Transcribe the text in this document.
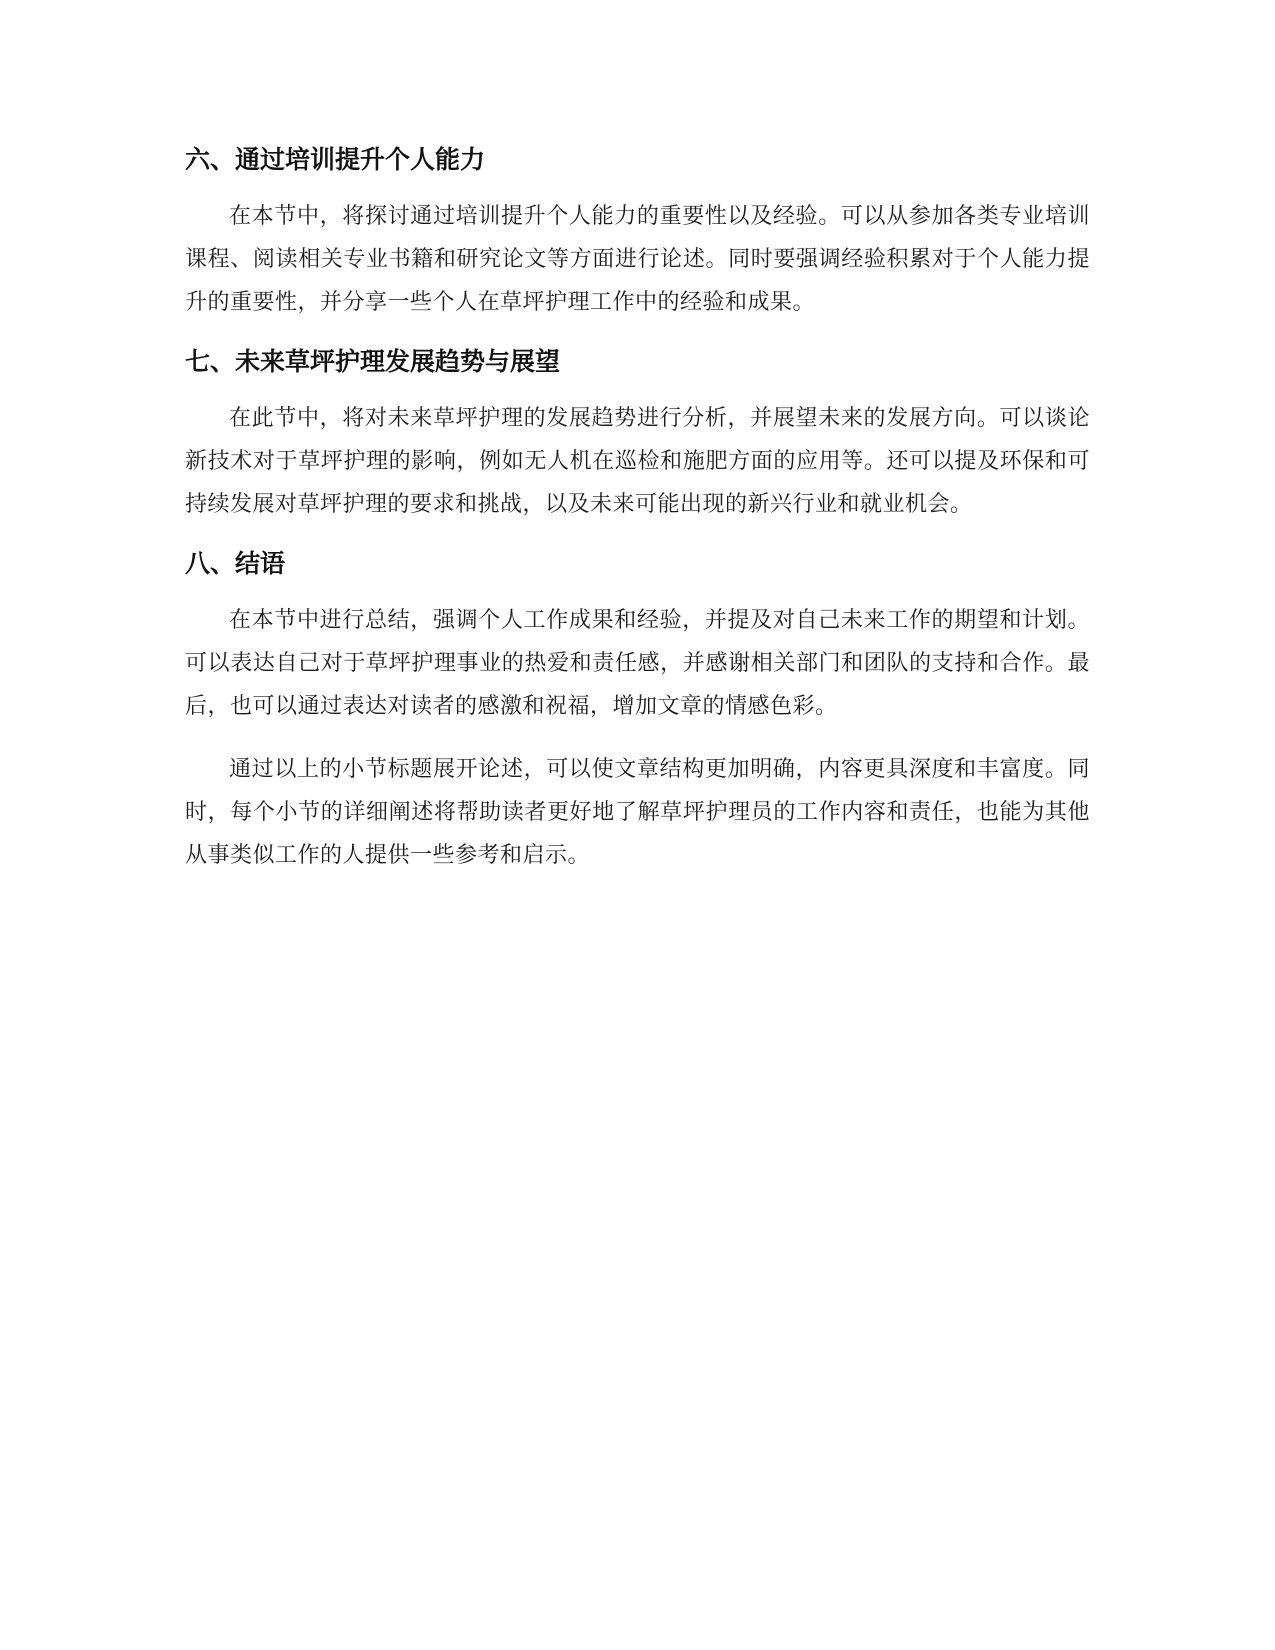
六、通过培训提升个人能力

在本节中，将探讨通过培训提升个人能力的重要性以及经验。可以从参加各类专业培训课程、阅读相关专业书籍和研究论文等方面进行论述。同时要强调经验积累对于个人能力提升的重要性，并分享一些个人在草坪护理工作中的经验和成果。

七、未来草坪护理发展趋势与展望

在此节中，将对未来草坪护理的发展趋势进行分析，并展望未来的发展方向。可以谈论新技术对于草坪护理的影响，例如无人机在巡检和施肥方面的应用等。还可以提及环保和可持续发展对草坪护理的要求和挑战，以及未来可能出现的新兴行业和就业机会。

八、结语

在本节中进行总结，强调个人工作成果和经验，并提及对自己未来工作的期望和计划。可以表达自己对于草坪护理事业的热爱和责任感，并感谢相关部门和团队的支持和合作。最后，也可以通过表达对读者的感激和祝福，增加文章的情感色彩。

通过以上的小节标题展开论述，可以使文章结构更加明确，内容更具深度和丰富度。同时，每个小节的详细阐述将帮助读者更好地了解草坪护理员的工作内容和责任，也能为其他从事类似工作的人提供一些参考和启示。
